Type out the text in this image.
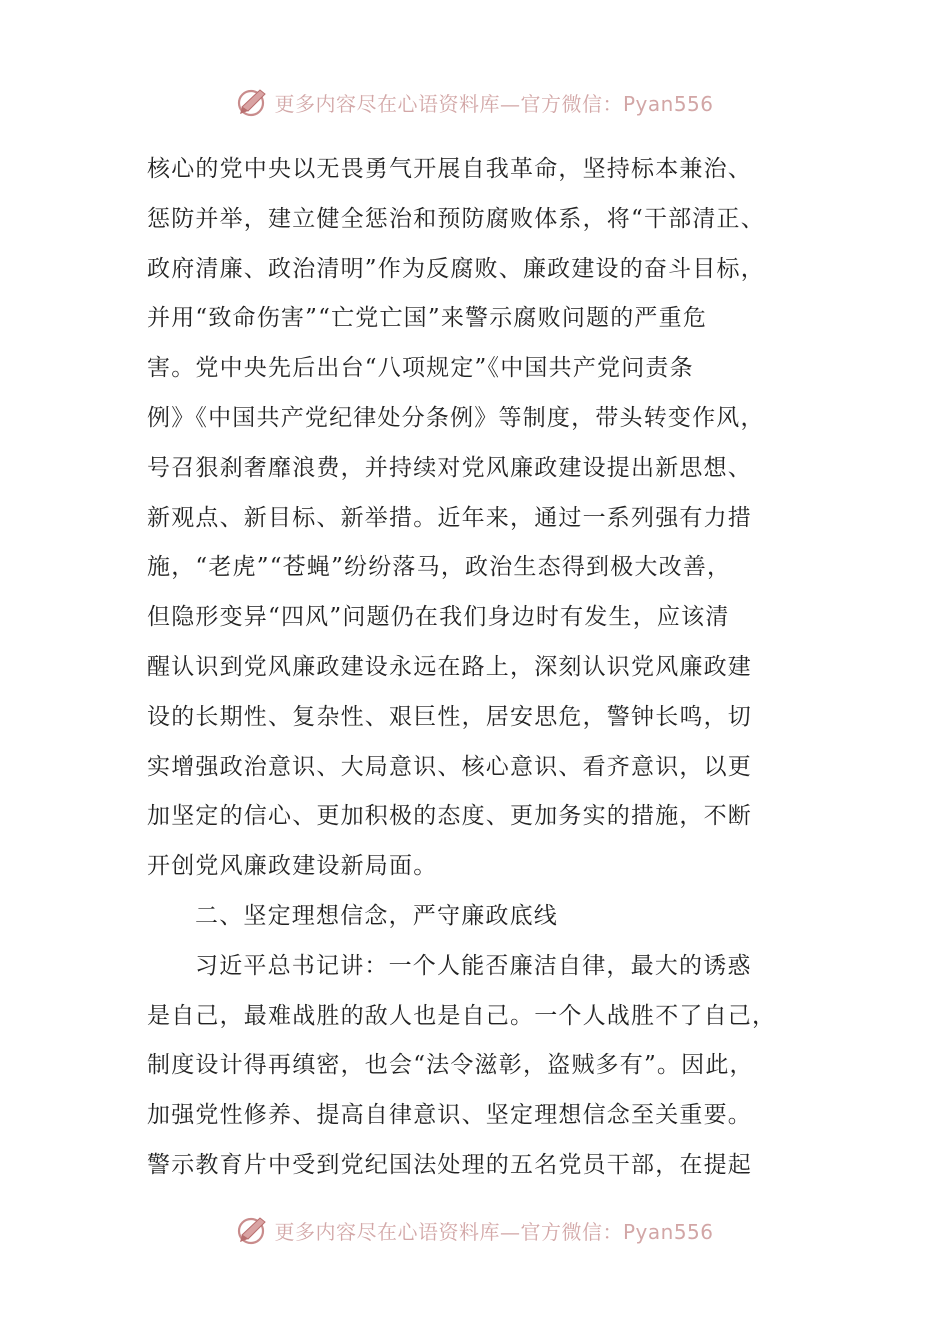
更多内容尽在心语资料库—官方微信：Pyan556

核心的党中央以无畏勇气开展自我革命，坚持标本兼治、
惩防并举，建立健全惩治和预防腐败体系，将“干部清正、
政府清廉、政治清明”作为反腐败、廉政建设的奋斗目标，
并用“致命伤害”“亡党亡国”来警示腐败问题的严重危
害。党中央先后出台“八项规定”《中国共产党问责条
例》《中国共产党纪律处分条例》等制度，带头转变作风，
号召狠刹奢靡浪费，并持续对党风廉政建设提出新思想、
新观点、新目标、新举措。近年来，通过一系列强有力措
施，“老虎”“苍蝇”纷纷落马，政治生态得到极大改善，
但隐形变异“四风”问题仍在我们身边时有发生，应该清
醒认识到党风廉政建设永远在路上，深刻认识党风廉政建
设的长期性、复杂性、艰巨性，居安思危，警钟长鸣，切
实增强政治意识、大局意识、核心意识、看齐意识，以更
加坚定的信心、更加积极的态度、更加务实的措施，不断
开创党风廉政建设新局面。

二、坚定理想信念，严守廉政底线

习近平总书记讲：一个人能否廉洁自律，最大的诱惑
是自己，最难战胜的敌人也是自己。一个人战胜不了自己，
制度设计得再缜密，也会“法令滋彰，盗贼多有”。因此，
加强党性修养、提高自律意识、坚定理想信念至关重要。
警示教育片中受到党纪国法处理的五名党员干部，在提起

更多内容尽在心语资料库—官方微信：Pyan556
